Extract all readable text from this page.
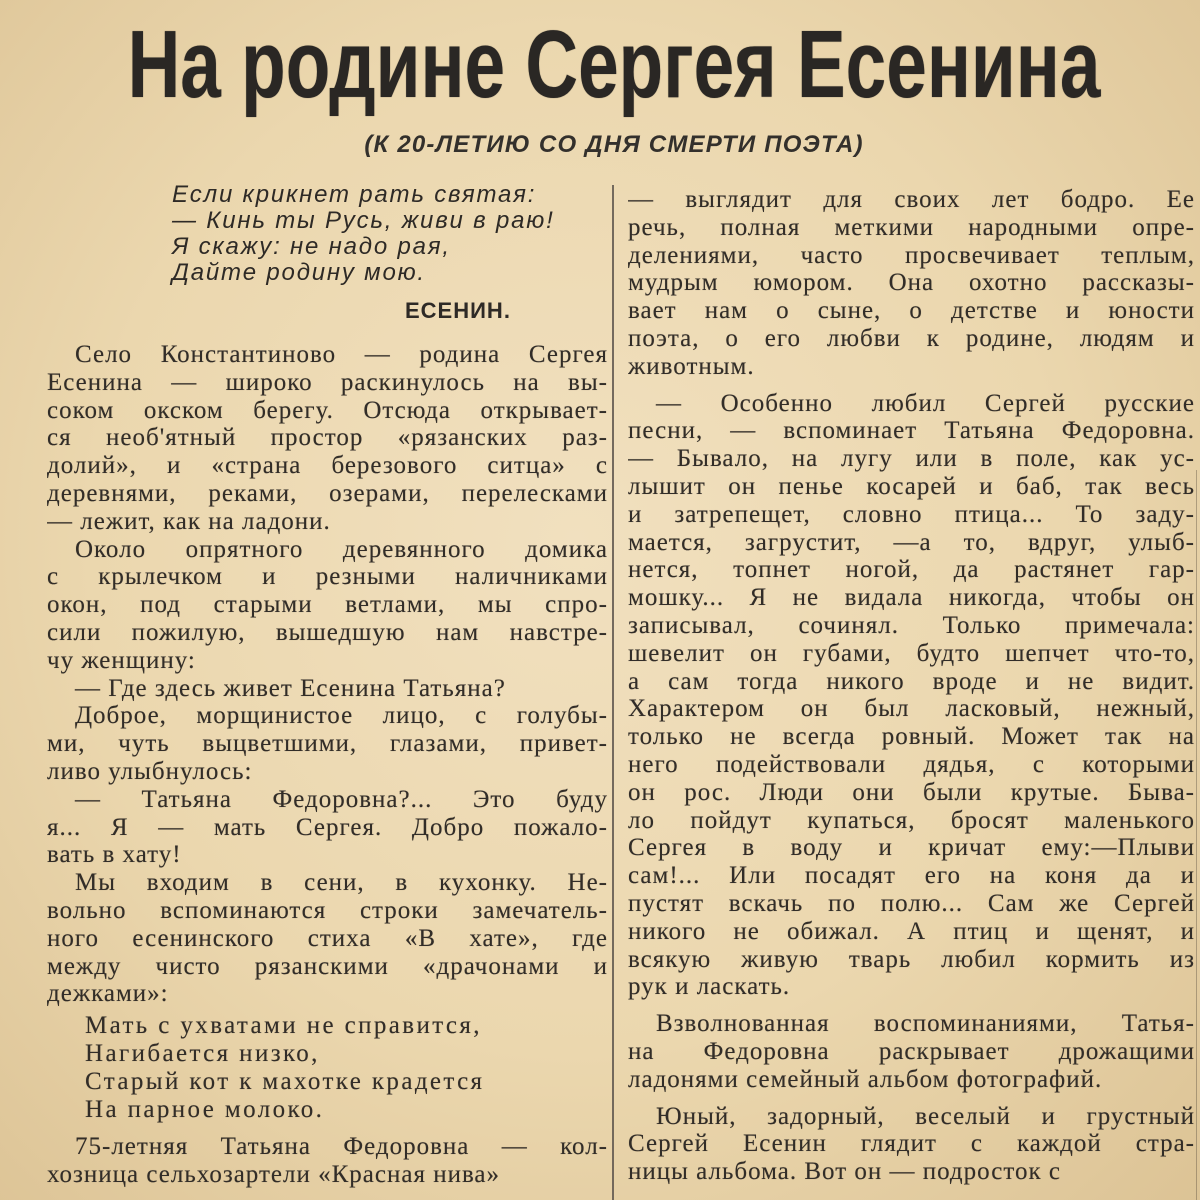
На родине Сергея Есенина
(К 20-ЛЕТИЮ СО ДНЯ СМЕРТИ ПОЭТА)
Если крикнет рать святая:
— Кинь ты Русь, живи в раю!
Я скажу: не надо рая,
Дайте родину мою.
ЕСЕНИН.
Село Константиново — родина Сергея
Есенина — широко раскинулось на вы-
соком окском берегу. Отсюда открывает-
ся необ'ятный простор «рязанских раз-
долий», и «страна березового ситца» с
деревнями, реками, озерами, перелесками
— лежит, как на ладони.
Около опрятного деревянного домика
с крылечком и резными наличниками
окон, под старыми ветлами, мы спро-
сили пожилую, вышедшую нам навстре-
чу женщину:
— Где здесь живет Есенина Татьяна?
Доброе, морщинистое лицо, с голубы-
ми, чуть выцветшими, глазами, привет-
ливо улыбнулось:
— Татьяна Федоровна?... Это буду
я... Я — мать Сергея. Добро пожало-
вать в хату!
Мы входим в сени, в кухонку. Не-
вольно вспоминаются строки замечатель-
ного есенинского стиха «В хате», где
между чисто рязанскими «драчонами и
дежками»:
Мать с ухватами не справится,
Нагибается низко,
Старый кот к махотке крадется
На парное молоко.
75-летняя Татьяна Федоровна — кол-
хозница сельхозартели «Красная нива»
— выглядит для своих лет бодро. Ее
речь, полная меткими народными опре-
делениями, часто просвечивает теплым,
мудрым юмором. Она охотно рассказы-
вает нам о сыне, о детстве и юности
поэта, о его любви к родине, людям и
животным.
— Особенно любил Сергей русские
песни, — вспоминает Татьяна Федоровна.
— Бывало, на лугу или в поле, как ус-
лышит он пенье косарей и баб, так весь
и затрепещет, словно птица... То заду-
мается, загрустит, —а то, вдруг, улыб-
нется, топнет ногой, да растянет гар-
мошку... Я не видала никогда, чтобы он
записывал, сочинял. Только примечала:
шевелит он губами, будто шепчет что-то,
а сам тогда никого вроде и не видит.
Характером он был ласковый, нежный,
только не всегда ровный. Может так на
него подействовали дядья, с которыми
он рос. Люди они были крутые. Быва-
ло пойдут купаться, бросят маленького
Сергея в воду и кричат ему:—Плыви
сам!... Или посадят его на коня да и
пустят вскачь по полю... Сам же Сергей
никого не обижал. А птиц и щенят, и
всякую живую тварь любил кормить из
рук и ласкать.
Взволнованная воспоминаниями, Татья-
на Федоровна раскрывает дрожащими
ладонями семейный альбом фотографий.
Юный, задорный, веселый и грустный
Сергей Есенин глядит с каждой стра-
ницы альбома. Вот он — подросток с
